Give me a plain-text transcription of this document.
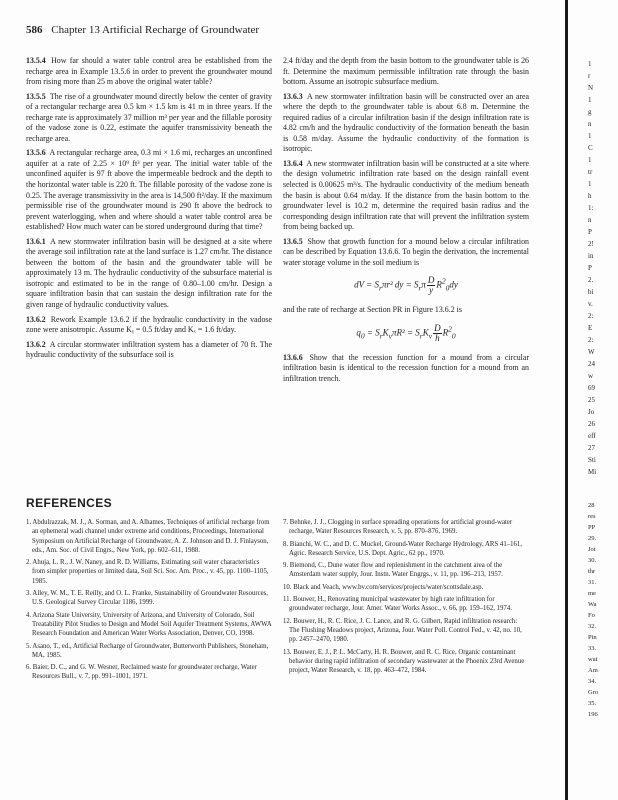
586 Chapter 13 Artificial Recharge of Groundwater

13.5.4 How far should a water table control area be established from the recharge area in Example 13.5.6 in order to prevent the groundwater mound from rising more than 25 m above the original water table?

13.5.5 The rise of a groundwater mound directly below the center of gravity of a rectangular recharge area 0.5 km × 1.5 km is 41 m in three years. If the recharge rate is approximately 37 million m³ per year and the fillable porosity of the vadose zone is 0.22, estimate the aquifer transmissivity beneath the recharge area.

13.5.6 A rectangular recharge area, 0.3 mi × 1.6 mi, recharges an unconfined aquifer at a rate of 2.25 × 10⁹ ft³ per year. The initial water table of the unconfined aquifer is 97 ft above the impermeable bedrock and the depth to the horizontal water table is 220 ft. The fillable porosity of the vadose zone is 0.25. The average transmissivity in the area is 14,500 ft²/day. If the maximum permissible rise of the groundwater mound is 290 ft above the bedrock to prevent waterlogging, when and where should a water table control area be established? How much water can be stored underground during that time?

13.6.1 A new stormwater infiltration basin will be designed at a site where the average soil infiltration rate at the land surface is 1.27 cm/hr. The distance between the bottom of the basin and the groundwater table will be approximately 13 m. The hydraulic conductivity of the subsurface material is isotropic and estimated to be in the range of 0.80–1.00 cm/hr. Design a square infiltration basin that can sustain the design infiltration rate for the given range of hydraulic conductivity values.

13.6.2 Rework Example 13.6.2 if the hydraulic conductivity in the vadose zone were anisotropic. Assume Kᵧ = 0.5 ft/day and Kₓ = 1.6 ft/day.

13.6.2 A circular stormwater infiltration system has a diameter of 70 ft. The hydraulic conductivity of the subsurface soil is

2.4 ft/day and the depth from the basin bottom to the groundwater table is 26 ft. Determine the maximum permissible infiltration rate through the basin bottom. Assume an isotropic subsurface medium.

13.6.3 A new stormwater infiltration basin will be constructed over an area where the depth to the groundwater table is about 6.8 m. Determine the required radius of a circular infiltration basin if the design infiltration rate is 4.82 cm/h and the hydraulic conductivity of the formation beneath the basin is 0.58 m/day. Assume the hydraulic conductivity of the formation is isotropic.

13.6.4 A new stormwater infiltration basin will be constructed at a site where the design volumetric infiltration rate based on the design rainfall event selected is 0.00625 m³/s. The hydraulic conductivity of the medium beneath the basin is about 0.64 m/day. If the distance from the basin bottom to the groundwater level is 10.2 m, determine the required basin radius and the corresponding design infiltration rate that will prevent the infiltration system from being backed up.

13.6.5 Show that growth function for a mound below a circular infiltration can be described by Equation 13.6.6. To begin the derivation, the incremental water storage volume in the soil medium is

dV = $S_r\pi r^2$ dy = $S_r\pi \frac{D}{y} R^2_0dy$

and the rate of recharge at Section PR in Figure 13.6.2 is

$q_0 = S_rK_v\pi R^2 = S_rK_v \frac{D}{h} R^2_0$

13.6.6 Show that the recession function for a mound from a circular infiltration basin is identical to the recession function for a mound from an infiltration trench.

REFERENCES

1. Abdulrazzak, M. J., A. Sorman, and A. Alhames, Techniques of artificial recharge from an ephemeral wadi channel under extreme arid conditions, Proceedings, International Symposium on Artificial Recharge of Groundwater, A. Z. Johnson and D. J. Finlayson, eds., Am. Soc. of Civil Engrs., New York, pp. 602–611, 1988.

2. Ahuja, L. R., J. W. Naney, and R. D. Williams, Estimating soil water characteristics from simpler properties or limited data, Soil Sci. Soc. Am. Proc., v. 45, pp. 1100–1105, 1985.

3. Alley, W. M., T. E. Reilly, and O. L. Franke, Sustainability of Groundwater Resources, U.S. Geological Survey Circular 1186, 1999.

4. Arizona State University, University of Arizona, and University of Colorado, Soil Treatability Pilot Studies to Design and Model Soil Aquifer Treatment Systems, AWWA Research Foundation and American Water Works Association, Denver, CO, 1998.

5. Asano, T., ed., Artificial Recharge of Groundwater, Butterworth Publishers, Stoneham, MA, 1985.

6. Baier, D. C., and G. W. Wesner, Reclaimed waste for groundwater recharge, Water Resources Bull., v. 7, pp. 991–1001, 1971.

7. Behnke, J. J., Clogging in surface spreading operations for artificial ground-water recharge, Water Resources Research, v. 5, pp. 870–876, 1969.

8. Bianchi, W. C., and D. C. Muckel, Ground-Water Recharge Hydrology, ARS 41–161, Agric. Research Service, U.S. Dept. Agric., 62 pp., 1970.

9. Biemond, C., Dune water flow and replenishment in the catchment area of the Amsterdam water supply, Jour. Instn. Water Engrgs., v. 11, pp. 196–213, 1957.

10. Black and Veach, www.bv.com/services/projects/water/scottsdale.asp.

11. Bouwer, H., Renovating municipal wastewater by high rate infiltration for groundwater recharge, Jour. Amer. Water Works Assoc., v. 66, pp. 159–162, 1974.

12. Bouwer, H., R. C. Rice, J. C. Lance, and R. G. Gilbert, Rapid infiltration research: The Flushing Meadows project, Arizona, Jour. Water Poll. Control Fed., v. 42, no. 10, pp. 2457–2470, 1980.

13. Bouwer, E. J., P. L. McCarty, H. R. Bouwer, and R. C. Rice, Organic contaminant behavior during rapid infiltration of secondary wastewater at the Phoenix 23rd Avenue project, Water Research, v. 18, pp. 463–472, 1984.

1
r
N
1
g
n
1
C
1
tr
1
h
1:
n
P
2!
in
P
2.
bi
v.
2:
E
2:
W
24
w
69
25
Jo
26
eff
27
Sti
Mi
28
res
PP
29.
Jot
30.
thr
31.
me
Wa
Fo
32.
Pin
33.
wat
Am
34.
Gro
35.
196
